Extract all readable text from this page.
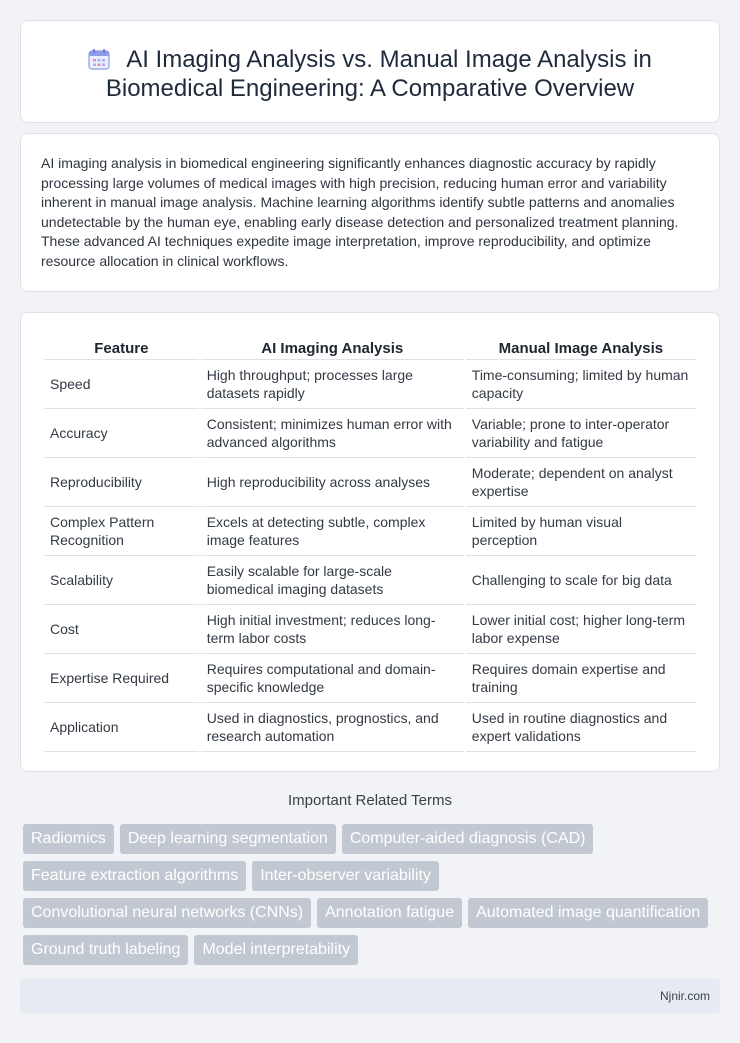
AI Imaging Analysis vs. Manual Image Analysis in
Biomedical Engineering: A Comparative Overview

AI imaging analysis in biomedical engineering significantly enhances diagnostic accuracy by rapidly processing large volumes of medical images with high precision, reducing human error and variability inherent in manual image analysis. Machine learning algorithms identify subtle patterns and anomalies undetectable by the human eye, enabling early disease detection and personalized treatment planning. These advanced AI techniques expedite image interpretation, improve reproducibility, and optimize resource allocation in clinical workflows.

Feature	AI Imaging Analysis	Manual Image Analysis
Speed	High throughput; processes large datasets rapidly	Time-consuming; limited by human capacity
Accuracy	Consistent; minimizes human error with advanced algorithms	Variable; prone to inter-operator variability and fatigue
Reproducibility	High reproducibility across analyses	Moderate; dependent on analyst expertise
Complex Pattern Recognition	Excels at detecting subtle, complex image features	Limited by human visual perception
Scalability	Easily scalable for large-scale biomedical imaging datasets	Challenging to scale for big data
Cost	High initial investment; reduces long-term labor costs	Lower initial cost; higher long-term labor expense
Expertise Required	Requires computational and domain-specific knowledge	Requires domain expertise and training
Application	Used in diagnostics, prognostics, and research automation	Used in routine diagnostics and expert validations
Important Related Terms
Radiomics	Deep learning segmentation	Computer-aided diagnosis (CAD)
Feature extraction algorithms	Inter-observer variability
Convolutional neural networks (CNNs)	Annotation fatigue	Automated image quantification
Ground truth labeling	Model interpretability
Njnir.com
